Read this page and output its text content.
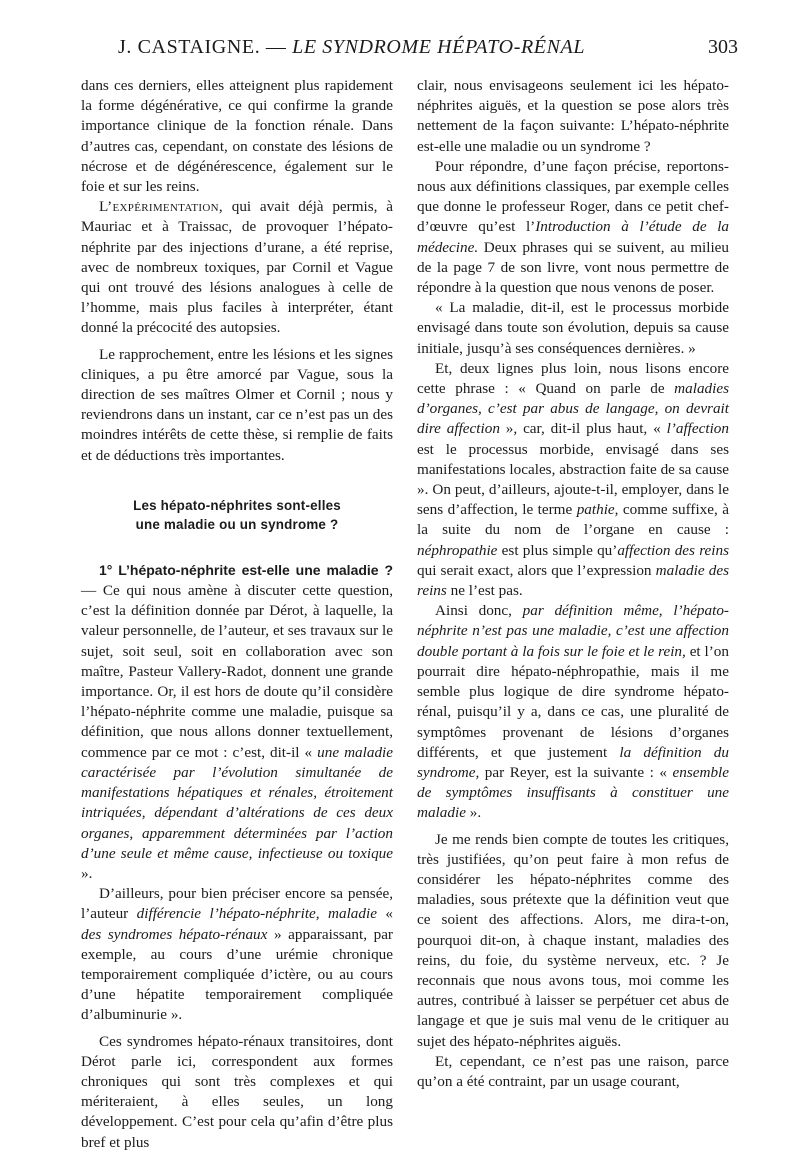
J. CASTAIGNE. — LE SYNDROME HÉPATO-RÉNAL	303

dans ces derniers, elles atteignent plus rapidement la forme dégénérative, ce qui confirme la grande importance clinique de la fonction rénale. Dans d’autres cas, cependant, on constate des lésions de nécrose et de dégénérescence, également sur le foie et sur les reins.

L’expérimentation, qui avait déjà permis, à Mauriac et à Traissac, de provoquer l’hépato-néphrite par des injections d’urane, a été reprise, avec de nombreux toxiques, par Cornil et Vague qui ont trouvé des lésions analogues à celle de l’homme, mais plus faciles à interpréter, étant donné la précocité des autopsies.

Le rapprochement, entre les lésions et les signes cliniques, a pu être amorcé par Vague, sous la direction de ses maîtres Olmer et Cornil ; nous y reviendrons dans un instant, car ce n’est pas un des moindres intérêts de cette thèse, si remplie de faits et de déductions très importantes.

Les hépato-néphrites sont-elles
une maladie ou un syndrome ?

1° L’hépato-néphrite est-elle une maladie ? — Ce qui nous amène à discuter cette question, c’est la définition donnée par Dérot, à laquelle, la valeur personnelle, de l’auteur, et ses travaux sur le sujet, soit seul, soit en collaboration avec son maître, Pasteur Vallery-Radot, donnent une grande importance. Or, il est hors de doute qu’il considère l’hépato-néphrite comme une maladie, puisque sa définition, que nous allons donner textuellement, commence par ce mot : c’est, dit-il « une maladie caractérisée par l’évolution simultanée de manifestations hépatiques et rénales, étroitement intriquées, dépendant d’altérations de ces deux organes, apparemment déterminées par l’action d’une seule et même cause, infectieuse ou toxique ».

D’ailleurs, pour bien préciser encore sa pensée, l’auteur différencie l’hépato-néphrite, maladie « des syndromes hépato-rénaux » apparaissant, par exemple, au cours d’une urémie chronique temporairement compliquée d’ictère, ou au cours d’une hépatite temporairement compliquée d’albuminurie ».

Ces syndromes hépato-rénaux transitoires, dont Dérot parle ici, correspondent aux formes chroniques qui sont très complexes et qui mériteraient, à elles seules, un long développement. C’est pour cela qu’afin d’être plus bref et plus

clair, nous envisageons seulement ici les hépato-néphrites aiguës, et la question se pose alors très nettement de la façon suivante: L’hépato-néphrite est-elle une maladie ou un syndrome ?

Pour répondre, d’une façon précise, reportons-nous aux définitions classiques, par exemple celles que donne le professeur Roger, dans ce petit chef-d’œuvre qu’est l’Introduction à l’étude de la médecine. Deux phrases qui se suivent, au milieu de la page 7 de son livre, vont nous permettre de répondre à la question que nous venons de poser.

« La maladie, dit-il, est le processus morbide envisagé dans toute son évolution, depuis sa cause initiale, jusqu’à ses conséquences dernières. »

Et, deux lignes plus loin, nous lisons encore cette phrase : « Quand on parle de maladies d’organes, c’est par abus de langage, on devrait dire affection », car, dit-il plus haut, « l’affection est le processus morbide, envisagé dans ses manifestations locales, abstraction faite de sa cause ». On peut, d’ailleurs, ajoute-t-il, employer, dans le sens d’affection, le terme pathie, comme suffixe, à la suite du nom de l’organe en cause : néphropathie est plus simple qu’affection des reins qui serait exact, alors que l’expression maladie des reins ne l’est pas.

Ainsi donc, par définition même, l’hépato-néphrite n’est pas une maladie, c’est une affection double portant à la fois sur le foie et le rein, et l’on pourrait dire hépato-néphropathie, mais il me semble plus logique de dire syndrome hépato-rénal, puisqu’il y a, dans ce cas, une pluralité de symptômes provenant de lésions d’organes différents, et que justement la définition du syndrome, par Reyer, est la suivante : « ensemble de symptômes insuffisants à constituer une maladie ».

Je me rends bien compte de toutes les critiques, très justifiées, qu’on peut faire à mon refus de considérer les hépato-néphrites comme des maladies, sous prétexte que la définition veut que ce soient des affections. Alors, me dira-t-on, pourquoi dit-on, à chaque instant, maladies des reins, du foie, du système nerveux, etc. ? Je reconnais que nous avons tous, moi comme les autres, contribué à laisser se perpétuer cet abus de langage et que je suis mal venu de le critiquer au sujet des hépato-néphrites aiguës.

Et, cependant, ce n’est pas une raison, parce qu’on a été contraint, par un usage courant,
